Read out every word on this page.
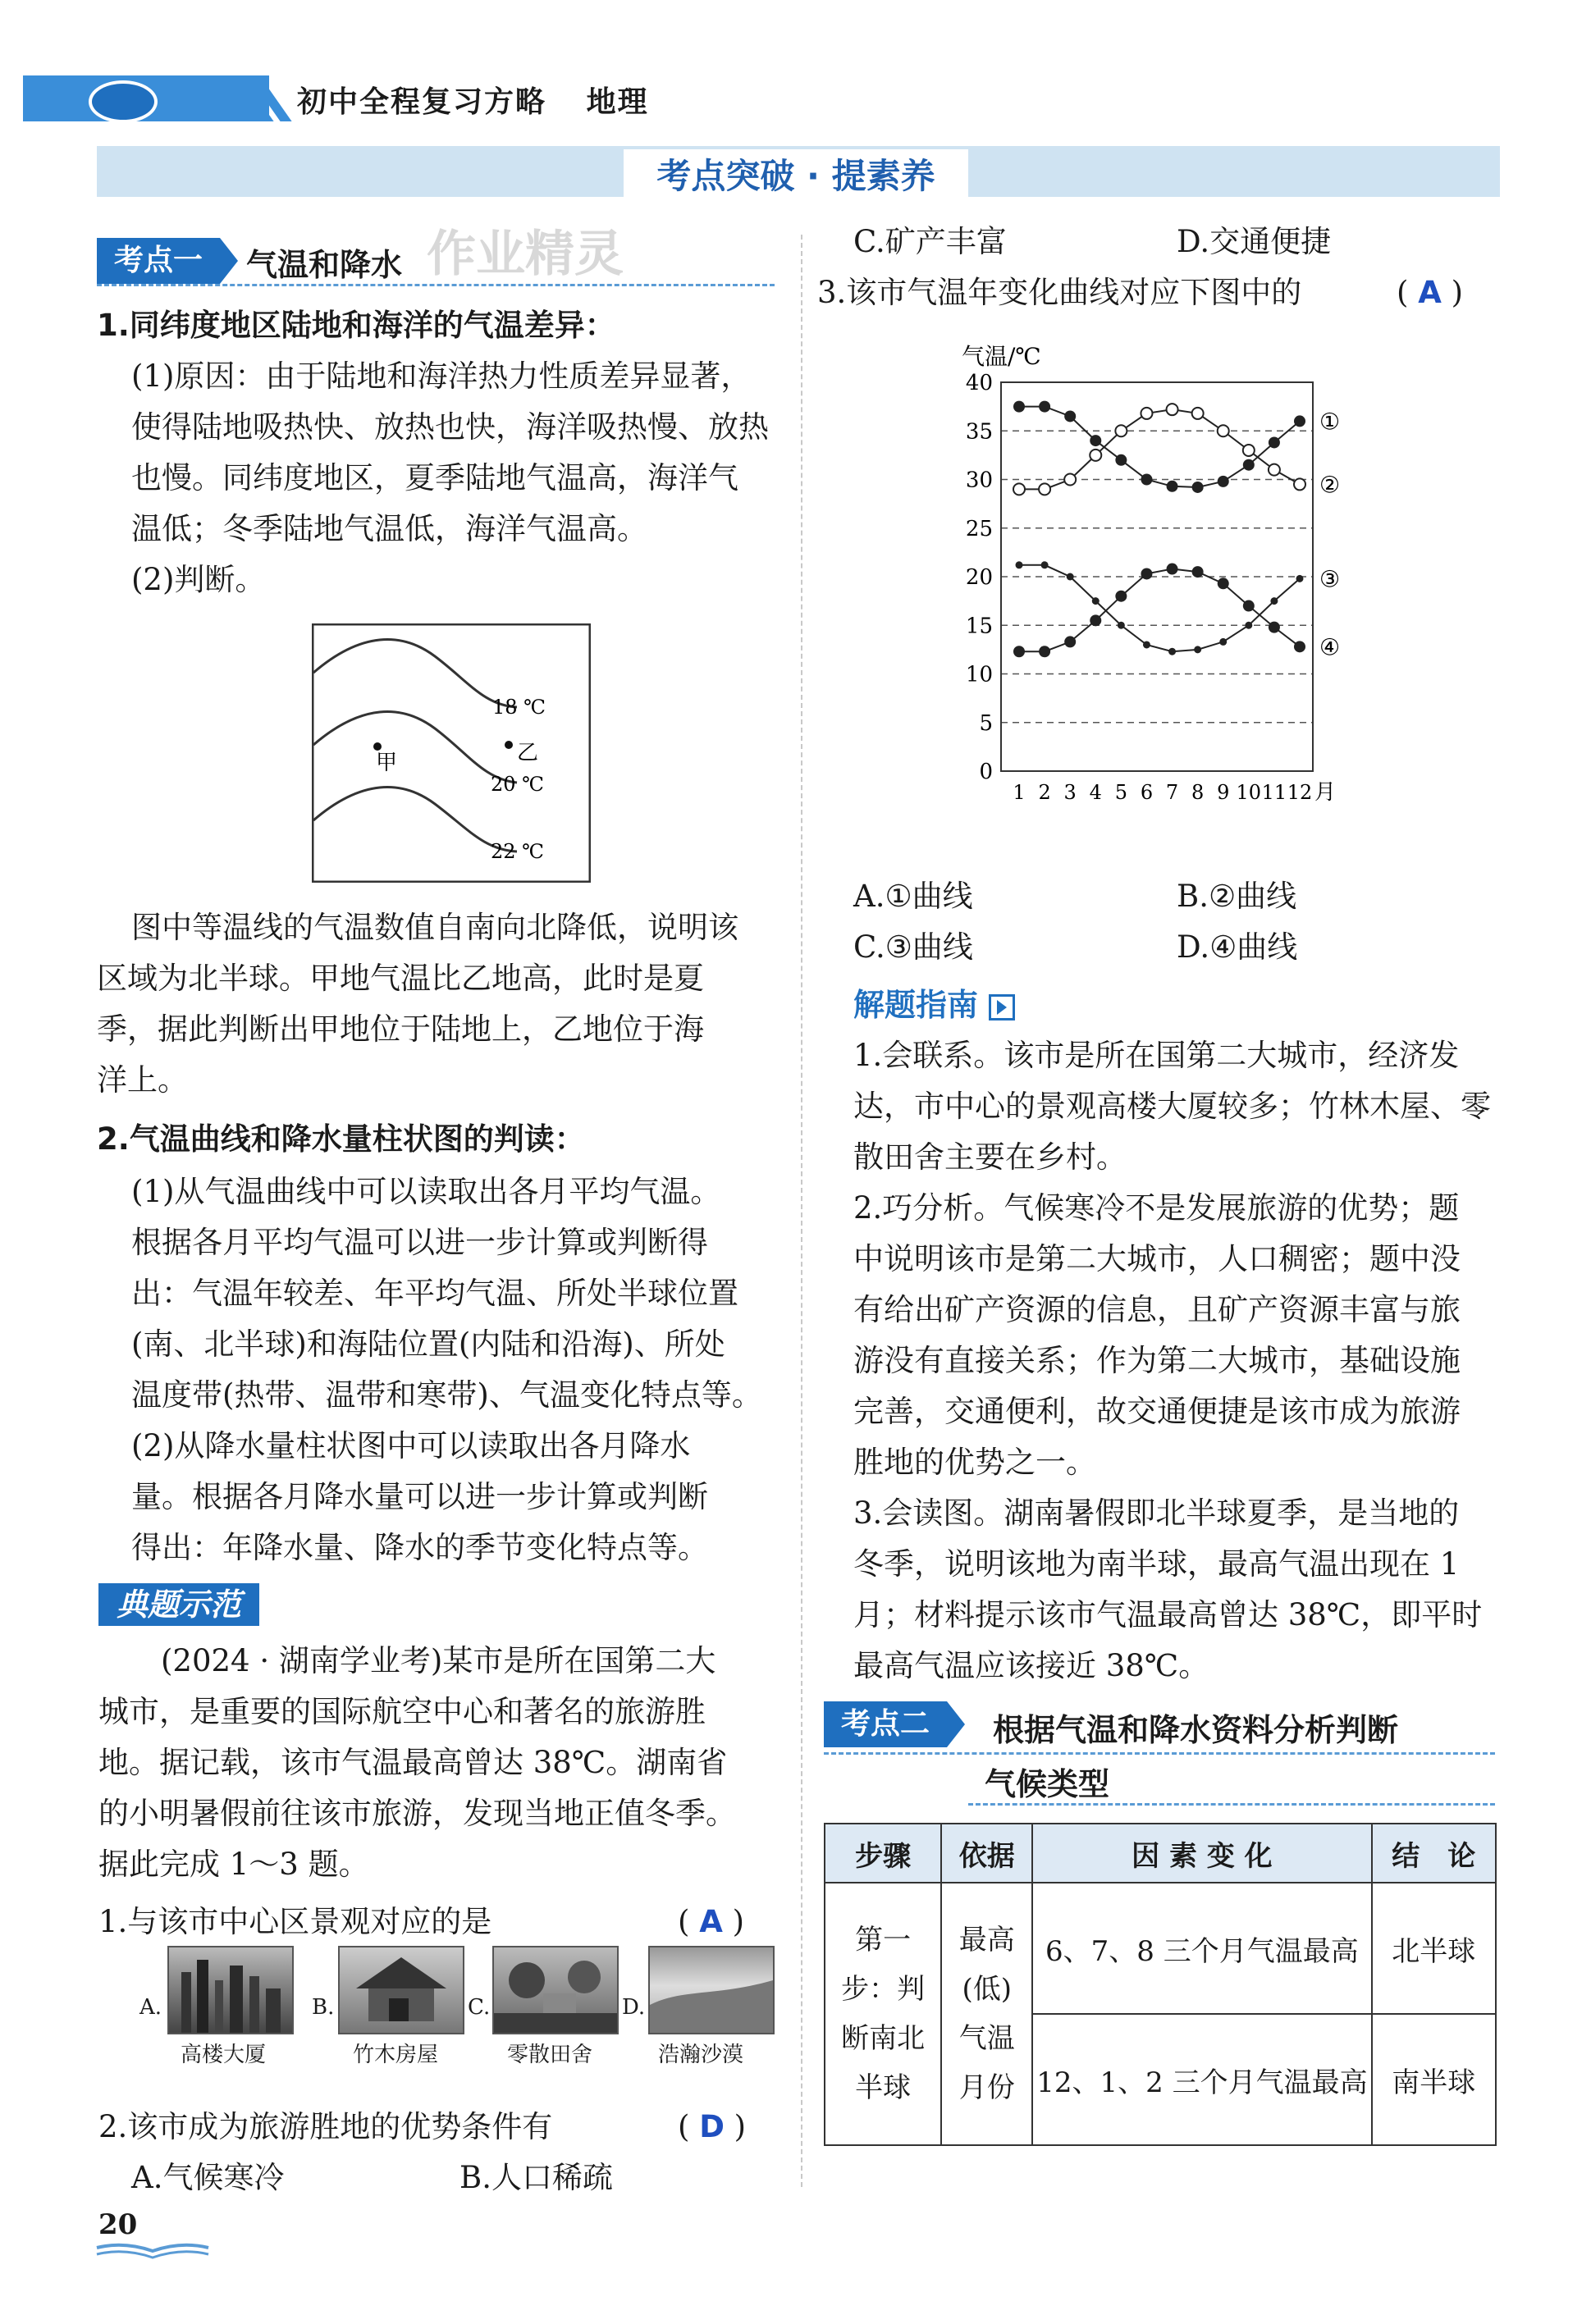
初中全程复习方略 地理
考点突破 · 提素养
考点一	气温和降水 作业精灵
1.同纬度地区陆地和海洋的气温差异：
(1)原因：由于陆地和海洋热力性质差异显著，
使得陆地吸热快、放热也快，海洋吸热慢、放热
也慢。同纬度地区，夏季陆地气温高，海洋气
温低；冬季陆地气温低，海洋气温高。
(2)判断。
18 ℃
20 ℃
22 ℃
甲	乙
图中等温线的气温数值自南向北降低，说明该
区域为北半球。甲地气温比乙地高，此时是夏
季，据此判断出甲地位于陆地上，乙地位于海
洋上。
2.气温曲线和降水量柱状图的判读：
(1)从气温曲线中可以读取出各月平均气温。
根据各月平均气温可以进一步计算或判断得
出：气温年较差、年平均气温、所处半球位置
(南、北半球)和海陆位置(内陆和沿海)、所处
温度带(热带、温带和寒带)、气温变化特点等。
(2)从降水量柱状图中可以读取出各月降水
量。根据各月降水量可以进一步计算或判断
得出：年降水量、降水的季节变化特点等。
典题示范
(2024 · 湖南学业考)某市是所在国第二大
城市，是重要的国际航空中心和著名的旅游胜
地。据记载，该市气温最高曾达 38℃。湖南省
的小明暑假前往该市旅游，发现当地正值冬季。
据此完成 1～3 题。
1.与该市中心区景观对应的是	( A )
A.
高楼大厦
B.
竹木房屋
C.
零散田舍
D.
浩瀚沙漠
2.该市成为旅游胜地的优势条件有	( D )
A.气候寒冷	B.人口稀疏
20
C.矿产丰富	D.交通便捷
3.该市气温年变化曲线对应下图中的	( A )
气温/℃
①
②
③
④
0
5
10
15
20
25
30
35
40
1 2 3 4 5 6 7 8 9 10 11 12 月
A.①曲线	B.②曲线
C.③曲线	D.④曲线
解题指南
1.会联系。该市是所在国第二大城市，经济发
达，市中心的景观高楼大厦较多；竹林木屋、零
散田舍主要在乡村。
2.巧分析。气候寒冷不是发展旅游的优势；题
中说明该市是第二大城市，人口稠密；题中没
有给出矿产资源的信息，且矿产资源丰富与旅
游没有直接关系；作为第二大城市，基础设施
完善，交通便利，故交通便捷是该市成为旅游
胜地的优势之一。
3.会读图。湖南暑假即北半球夏季，是当地的
冬季，说明该地为南半球，最高气温出现在 1
月；材料提示该市气温最高曾达 38℃，即平时
最高气温应该接近 38℃。
考点二	根据气温和降水资料分析判断
气候类型
步骤	依据	因 素 变 化	结　论
第一步：判断南北半球	最高(低)气温月份	6、7、8 三个月气温最高	北半球
		12、1、2 三个月气温最高	南半球
